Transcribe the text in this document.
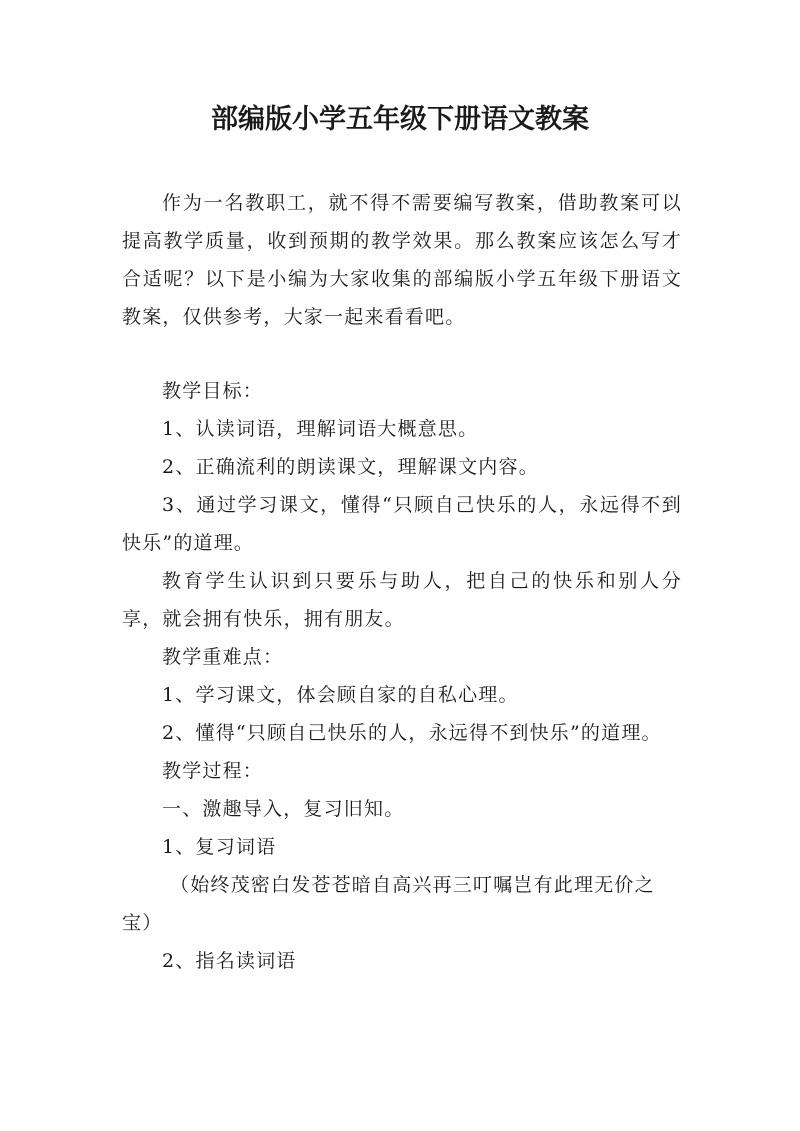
部编版小学五年级下册语文教案

作为一名教职工，就不得不需要编写教案，借助教案可以提高教学质量，收到预期的教学效果。那么教案应该怎么写才合适呢？以下是小编为大家收集的部编版小学五年级下册语文教案，仅供参考，大家一起来看看吧。

教学目标：

1、认读词语，理解词语大概意思。

2、正确流利的朗读课文，理解课文内容。

3、通过学习课文，懂得“只顾自己快乐的人，永远得不到快乐”的道理。

教育学生认识到只要乐与助人，把自己的快乐和别人分享，就会拥有快乐，拥有朋友。

教学重难点：

1、学习课文，体会顾自家的自私心理。

2、懂得“只顾自己快乐的人，永远得不到快乐”的道理。

教学过程：

一、激趣导入，复习旧知。

1、复习词语

（始终茂密白发苍苍暗自高兴再三叮嘱岂有此理无价之宝）

2、指名读词语
